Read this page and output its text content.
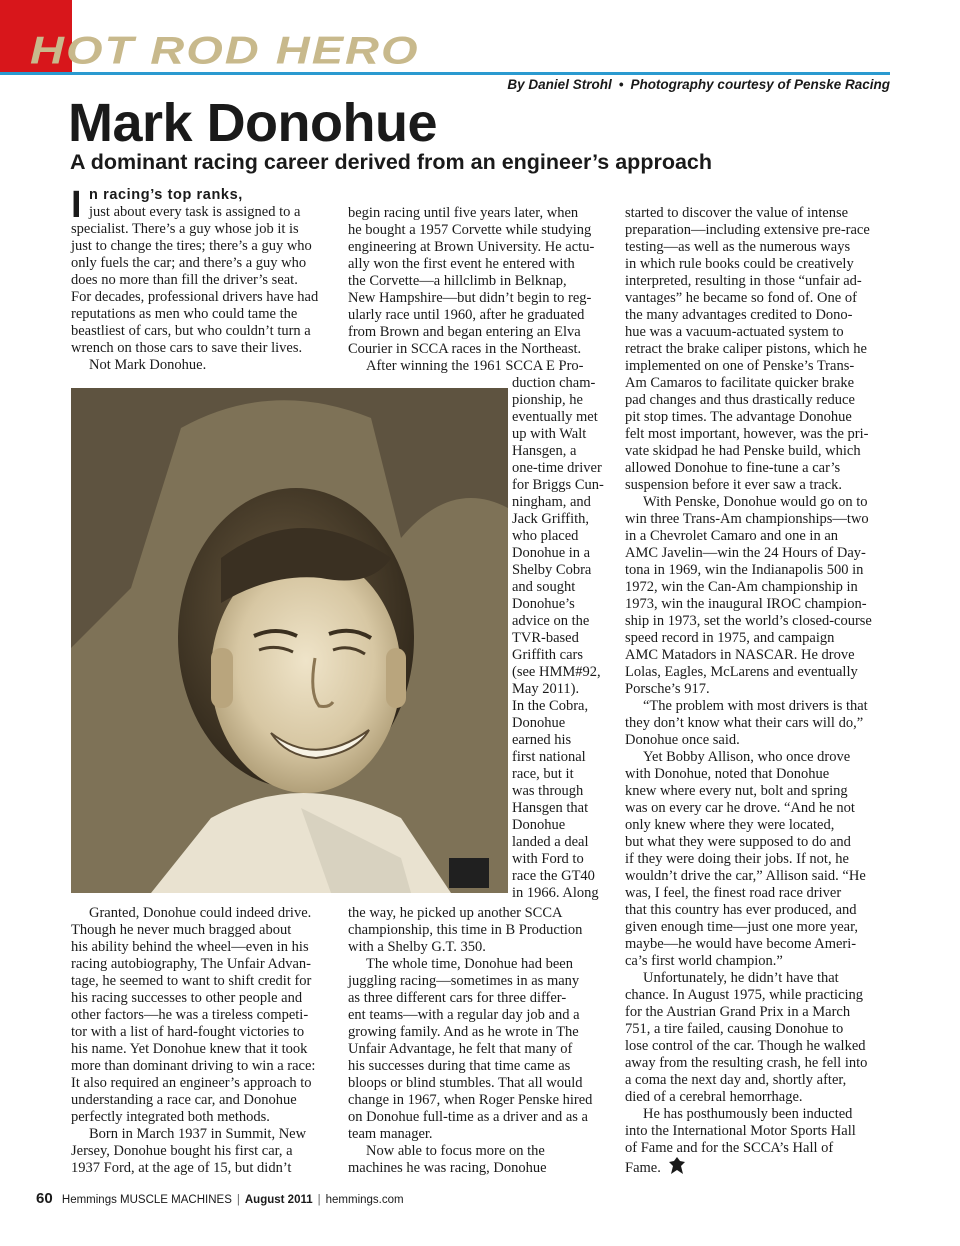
HOT ROD HERO
By Daniel Strohl • Photography courtesy of Penske Racing
Mark Donohue
A dominant racing career derived from an engineer’s approach
I n racing’s top ranks,
just about every task is assigned to a
specialist. There’s a guy whose job it is
just to change the tires; there’s a guy who
only fuels the car; and there’s a guy who
does no more than fill the driver’s seat.
For decades, professional drivers have had
reputations as men who could tame the
beastliest of cars, but who couldn’t turn a
wrench on those cars to save their lives.
Not Mark Donohue.
Granted, Donohue could indeed drive.
Though he never much bragged about
his ability behind the wheel—even in his
racing autobiography, The Unfair Advan-
tage, he seemed to want to shift credit for
his racing successes to other people and
other factors—he was a tireless competi-
tor with a list of hard-fought victories to
his name. Yet Donohue knew that it took
more than dominant driving to win a race:
It also required an engineer’s approach to
understanding a race car, and Donohue
perfectly integrated both methods.
Born in March 1937 in Summit, New
Jersey, Donohue bought his first car, a
1937 Ford, at the age of 15, but didn’t
begin racing until five years later, when
he bought a 1957 Corvette while studying
engineering at Brown University. He actu-
ally won the first event he entered with
the Corvette—a hillclimb in Belknap,
New Hampshire—but didn’t begin to reg-
ularly race until 1960, after he graduated
from Brown and began entering an Elva
Courier in SCCA races in the Northeast.
After winning the 1961 SCCA E Pro-
duction cham-
pionship, he
eventually met
up with Walt
Hansgen, a
one-time driver
for Briggs Cun-
ningham, and
Jack Griffith,
who placed
Donohue in a
Shelby Cobra
and sought
Donohue’s
advice on the
TVR-based
Griffith cars
(see HMM#92,
May 2011).
In the Cobra,
Donohue
earned his
first national
race, but it
was through
Hansgen that
Donohue
landed a deal
with Ford to
race the GT40
in 1966. Along
the way, he picked up another SCCA
championship, this time in B Production
with a Shelby G.T. 350.
The whole time, Donohue had been
juggling racing—sometimes in as many
as three different cars for three differ-
ent teams—with a regular day job and a
growing family. And as he wrote in The
Unfair Advantage, he felt that many of
his successes during that time came as
bloops or blind stumbles. That all would
change in 1967, when Roger Penske hired
on Donohue full-time as a driver and as a
team manager.
Now able to focus more on the
machines he was racing, Donohue
started to discover the value of intense
preparation—including extensive pre-race
testing—as well as the numerous ways
in which rule books could be creatively
interpreted, resulting in those “unfair ad-
vantages” he became so fond of. One of
the many advantages credited to Dono-
hue was a vacuum-actuated system to
retract the brake caliper pistons, which he
implemented on one of Penske’s Trans-
Am Camaros to facilitate quicker brake
pad changes and thus drastically reduce
pit stop times. The advantage Donohue
felt most important, however, was the pri-
vate skidpad he had Penske build, which
allowed Donohue to fine-tune a car’s
suspension before it ever saw a track.
With Penske, Donohue would go on to
win three Trans-Am championships—two
in a Chevrolet Camaro and one in an
AMC Javelin—win the 24 Hours of Day-
tona in 1969, win the Indianapolis 500 in
1972, win the Can-Am championship in
1973, win the inaugural IROC champion-
ship in 1973, set the world’s closed-course
speed record in 1975, and campaign
AMC Matadors in NASCAR. He drove
Lolas, Eagles, McLarens and eventually
Porsche’s 917.
“The problem with most drivers is that
they don’t know what their cars will do,”
Donohue once said.
Yet Bobby Allison, who once drove
with Donohue, noted that Donohue
knew where every nut, bolt and spring
was on every car he drove. “And he not
only knew where they were located,
but what they were supposed to do and
if they were doing their jobs. If not, he
wouldn’t drive the car,” Allison said. “He
was, I feel, the finest road race driver
that this country has ever produced, and
given enough time—just one more year,
maybe—he would have become Ameri-
ca’s first world champion.”
Unfortunately, he didn’t have that
chance. In August 1975, while practicing
for the Austrian Grand Prix in a March
751, a tire failed, causing Donohue to
lose control of the car. Though he walked
away from the resulting crash, he fell into
a coma the next day and, shortly after,
died of a cerebral hemorrhage.
He has posthumously been inducted
into the International Motor Sports Hall
of Fame and for the SCCA’s Hall of
Fame.
60 Hemmings MUSCLE MACHINES | August 2011 | hemmings.com
